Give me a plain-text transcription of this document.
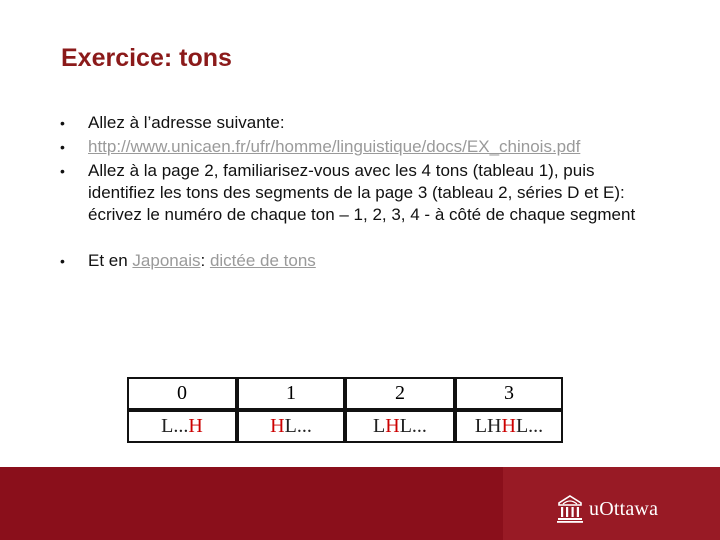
Exercice: tons
• Allez à l’adresse suivante:
• http://www.unicaen.fr/ufr/homme/linguistique/docs/EX_chinois.pdf
• Allez à la page 2, familiarisez-vous avec les 4 tons (tableau 1), puis identifiez les tons des segments de la page 3 (tableau 2, séries D et E): écrivez le numéro de chaque ton – 1, 2, 3, 4 - à côté de chaque segment
• Et en Japonais: dictée de tons
0	1	2	3
L...H	HL...	LHL...	LHHL...
uOttawa
